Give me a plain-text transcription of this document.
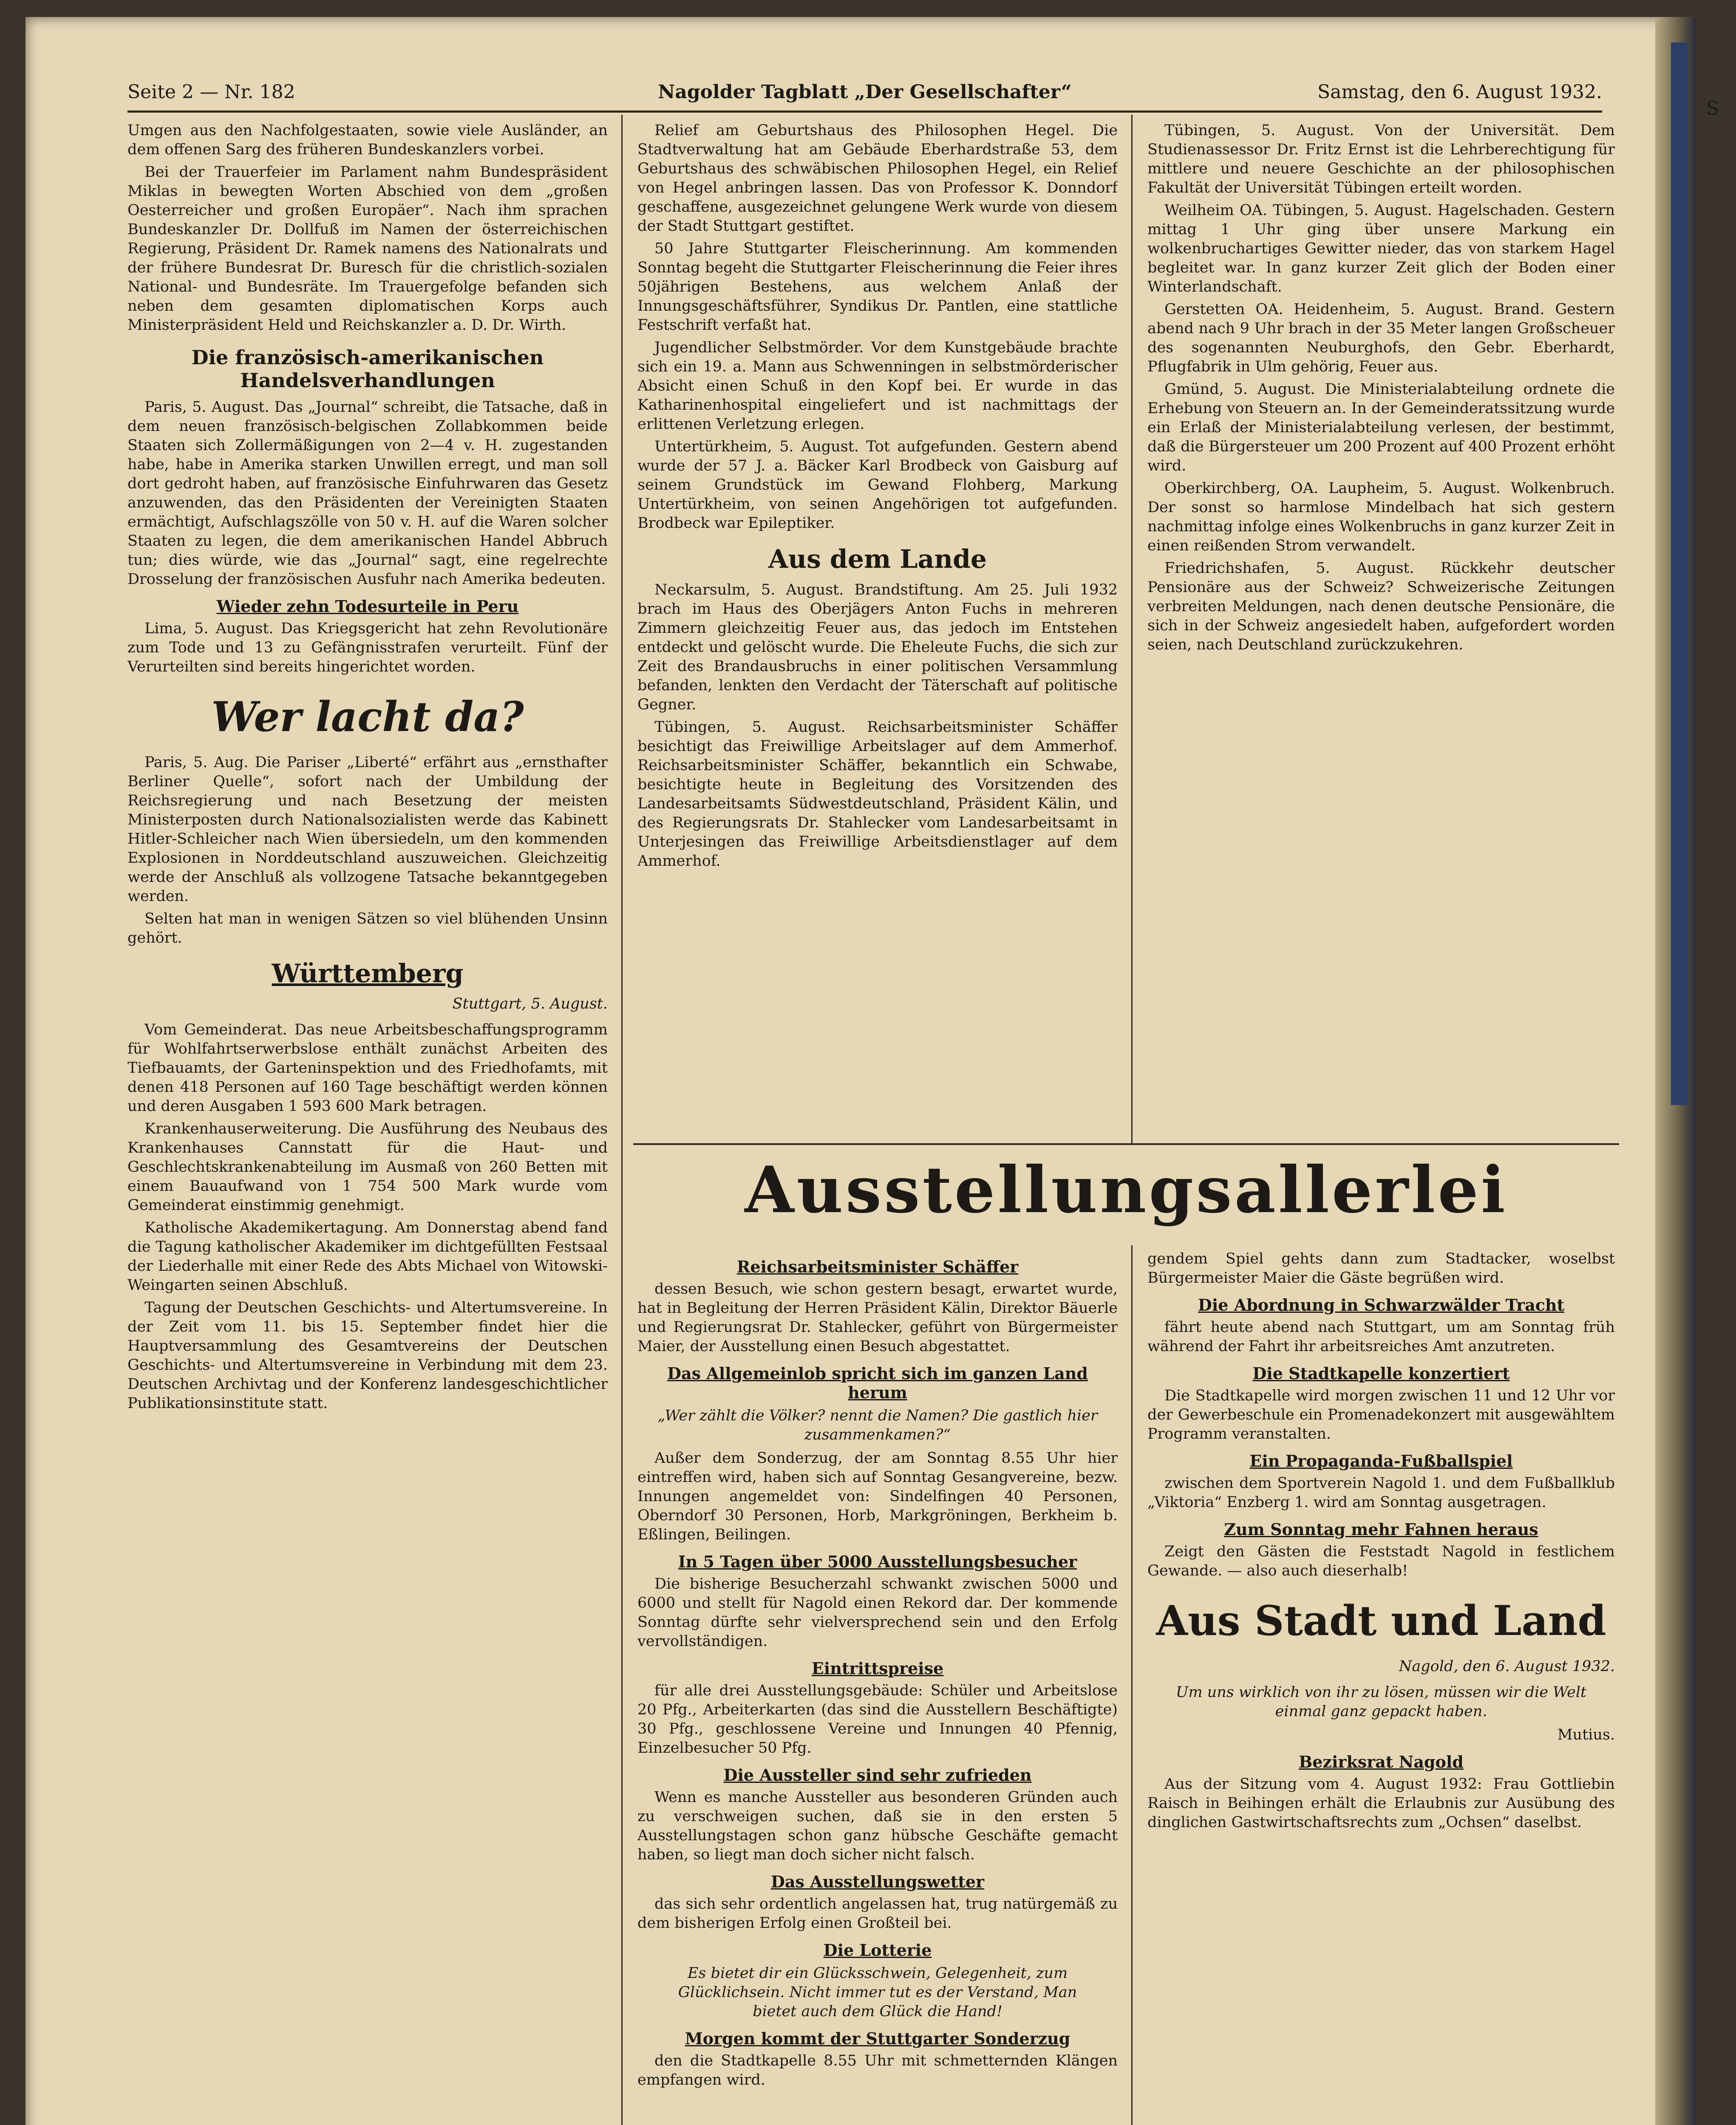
Seite 2 — Nr. 182	Nagolder Tagblatt „Der Gesellschafter“	Samstag, den 6. August 1932.
S

Umgen aus den Nachfolgestaaten, sowie viele Ausländer, an dem offenen Sarg des früheren Bundeskanzlers vorbei.

Bei der Trauerfeier im Parlament nahm Bundespräsident Miklas in bewegten Worten Abschied von dem „großen Oesterreicher und großen Europäer“. Nach ihm sprachen Bundeskanzler Dr. Dollfuß im Namen der österreichischen Regierung, Präsident Dr. Ramek namens des Nationalrats und der frühere Bundesrat Dr. Buresch für die christlich-sozialen National- und Bundesräte. Im Trauergefolge befanden sich neben dem gesamten diplomatischen Korps auch Ministerpräsident Held und Reichskanzler a. D. Dr. Wirth.

Die französisch-amerikanischen Handelsverhandlungen

Paris, 5. August. Das „Journal“ schreibt, die Tatsache, daß in dem neuen französisch-belgischen Zollabkommen beide Staaten sich Zollermäßigungen von 2—4 v. H. zugestanden habe, habe in Amerika starken Unwillen erregt, und man soll dort gedroht haben, auf französische Einfuhrwaren das Gesetz anzuwenden, das den Präsidenten der Vereinigten Staaten ermächtigt, Aufschlagszölle von 50 v. H. auf die Waren solcher Staaten zu legen, die dem amerikanischen Handel Abbruch tun; dies würde, wie das „Journal“ sagt, eine regelrechte Drosselung der französischen Ausfuhr nach Amerika bedeuten.

Wieder zehn Todesurteile in Peru

Lima, 5. August. Das Kriegsgericht hat zehn Revolutionäre zum Tode und 13 zu Gefängnisstrafen verurteilt. Fünf der Verurteilten sind bereits hingerichtet worden.

Wer lacht da?

Paris, 5. Aug. Die Pariser „Liberté“ erfährt aus „ernsthafter Berliner Quelle“, sofort nach der Umbildung der Reichsregierung und nach Besetzung der meisten Ministerposten durch Nationalsozialisten werde das Kabinett Hitler-Schleicher nach Wien übersiedeln, um den kommenden Explosionen in Norddeutschland auszuweichen. Gleichzeitig werde der Anschluß als vollzogene Tatsache bekanntgegeben werden.

Selten hat man in wenigen Sätzen so viel blühenden Unsinn gehört.

Württemberg
Stuttgart, 5. August.

Vom Gemeinderat. Das neue Arbeitsbeschaffungsprogramm für Wohlfahrtserwerbslose enthält zunächst Arbeiten des Tiefbauamts, der Garteninspektion und des Friedhofamts, mit denen 418 Personen auf 160 Tage beschäftigt werden können und deren Ausgaben 1 593 600 Mark betragen.

Krankenhauserweiterung. Die Ausführung des Neubaus des Krankenhauses Cannstatt für die Haut- und Geschlechtskrankenabteilung im Ausmaß von 260 Betten mit einem Bauaufwand von 1 754 500 Mark wurde vom Gemeinderat einstimmig genehmigt.

Katholische Akademikertagung. Am Donnerstag abend fand die Tagung katholischer Akademiker im dichtgefüllten Festsaal der Liederhalle mit einer Rede des Abts Michael von Witowski-Weingarten seinen Abschluß.

Tagung der Deutschen Geschichts- und Altertumsvereine. In der Zeit vom 11. bis 15. September findet hier die Hauptversammlung des Gesamtvereins der Deutschen Geschichts- und Altertumsvereine in Verbindung mit dem 23. Deutschen Archivtag und der Konferenz landesgeschichtlicher Publikationsinstitute statt.

Relief am Geburtshaus des Philosophen Hegel. Die Stadtverwaltung hat am Gebäude Eberhardstraße 53, dem Geburtshaus des schwäbischen Philosophen Hegel, ein Relief von Hegel anbringen lassen. Das von Professor K. Donndorf geschaffene, ausgezeichnet gelungene Werk wurde von diesem der Stadt Stuttgart gestiftet.

50 Jahre Stuttgarter Fleischerinnung. Am kommenden Sonntag begeht die Stuttgarter Fleischerinnung die Feier ihres 50jährigen Bestehens, aus welchem Anlaß der Innungsgeschäftsführer, Syndikus Dr. Pantlen, eine stattliche Festschrift verfaßt hat.

Jugendlicher Selbstmörder. Vor dem Kunstgebäude brachte sich ein 19. a. Mann aus Schwenningen in selbstmörderischer Absicht einen Schuß in den Kopf bei. Er wurde in das Katharinenhospital eingeliefert und ist nachmittags der erlittenen Verletzung erlegen.

Untertürkheim, 5. August. Tot aufgefunden. Gestern abend wurde der 57 J. a. Bäcker Karl Brodbeck von Gaisburg auf seinem Grundstück im Gewand Flohberg, Markung Untertürkheim, von seinen Angehörigen tot aufgefunden. Brodbeck war Epileptiker.

Aus dem Lande

Neckarsulm, 5. August. Brandstiftung. Am 25. Juli 1932 brach im Haus des Oberjägers Anton Fuchs in mehreren Zimmern gleichzeitig Feuer aus, das jedoch im Entstehen entdeckt und gelöscht wurde. Die Eheleute Fuchs, die sich zur Zeit des Brandausbruchs in einer politischen Versammlung befanden, lenkten den Verdacht der Täterschaft auf politische Gegner.

Tübingen, 5. August. Reichsarbeitsminister Schäffer besichtigt das Freiwillige Arbeitslager auf dem Ammerhof. Reichsarbeitsminister Schäffer, bekanntlich ein Schwabe, besichtigte heute in Begleitung des Vorsitzenden des Landesarbeitsamts Südwestdeutschland, Präsident Kälin, und des Regierungsrats Dr. Stahlecker vom Landesarbeitsamt in Unterjesingen das Freiwillige Arbeitsdienstlager auf dem Ammerhof.

Tübingen, 5. August. Von der Universität. Dem Studienassessor Dr. Fritz Ernst ist die Lehrberechtigung für mittlere und neuere Geschichte an der philosophischen Fakultät der Universität Tübingen erteilt worden.

Weilheim OA. Tübingen, 5. August. Hagelschaden. Gestern mittag 1 Uhr ging über unsere Markung ein wolkenbruchartiges Gewitter nieder, das von starkem Hagel begleitet war. In ganz kurzer Zeit glich der Boden einer Winterlandschaft.

Gerstetten OA. Heidenheim, 5. August. Brand. Gestern abend nach 9 Uhr brach in der 35 Meter langen Großscheuer des sogenannten Neuburghofs, den Gebr. Eberhardt, Pflugfabrik in Ulm gehörig, Feuer aus.

Gmünd, 5. August. Die Ministerialabteilung ordnete die Erhebung von Steuern an. In der Gemeinderatssitzung wurde ein Erlaß der Ministerialabteilung verlesen, der bestimmt, daß die Bürgersteuer um 200 Prozent auf 400 Prozent erhöht wird.

Oberkirchberg, OA. Laupheim, 5. August. Wolkenbruch. Der sonst so harmlose Mindelbach hat sich gestern nachmittag infolge eines Wolkenbruchs in ganz kurzer Zeit in einen reißenden Strom verwandelt.

Friedrichshafen, 5. August. Rückkehr deutscher Pensionäre aus der Schweiz? Schweizerische Zeitungen verbreiten Meldungen, nach denen deutsche Pensionäre, die sich in der Schweiz angesiedelt haben, aufgefordert worden seien, nach Deutschland zurückzukehren.

Ausstellungsallerlei
Reichsarbeitsminister Schäffer

dessen Besuch, wie schon gestern besagt, erwartet wurde, hat in Begleitung der Herren Präsident Kälin, Direktor Bäuerle und Regierungsrat Dr. Stahlecker, geführt von Bürgermeister Maier, der Ausstellung einen Besuch abgestattet.

Das Allgemeinlob spricht sich im ganzen Land herum
„Wer zählt die Völker? nennt die Namen? Die gastlich hier zusammenkamen?“

Außer dem Sonderzug, der am Sonntag 8.55 Uhr hier eintreffen wird, haben sich auf Sonntag Gesangvereine, bezw. Innungen angemeldet von: Sindelfingen 40 Personen, Oberndorf 30 Personen, Horb, Markgröningen, Berkheim b. Eßlingen, Beilingen.

In 5 Tagen über 5000 Ausstellungsbesucher

Die bisherige Besucherzahl schwankt zwischen 5000 und 6000 und stellt für Nagold einen Rekord dar. Der kommende Sonntag dürfte sehr vielversprechend sein und den Erfolg vervollständigen.

Eintrittspreise

für alle drei Ausstellungsgebäude: Schüler und Arbeitslose 20 Pfg., Arbeiterkarten (das sind die Ausstellern Beschäftigte) 30 Pfg., geschlossene Vereine und Innungen 40 Pfennig, Einzelbesucher 50 Pfg.

Die Aussteller sind sehr zufrieden

Wenn es manche Aussteller aus besonderen Gründen auch zu verschweigen suchen, daß sie in den ersten 5 Ausstellungstagen schon ganz hübsche Geschäfte gemacht haben, so liegt man doch sicher nicht falsch.

Das Ausstellungswetter

das sich sehr ordentlich angelassen hat, trug natürgemäß zu dem bisherigen Erfolg einen Großteil bei.

Die Lotterie
Es bietet dir ein Glücksschwein, Gelegenheit, zum Glücklichsein. Nicht immer tut es der Verstand, Man bietet auch dem Glück die Hand!
Morgen kommt der Stuttgarter Sonderzug

den die Stadtkapelle 8.55 Uhr mit schmetternden Klängen empfangen wird.

gendem Spiel gehts dann zum Stadtacker, woselbst Bürgermeister Maier die Gäste begrüßen wird.

Die Abordnung in Schwarzwälder Tracht

fährt heute abend nach Stuttgart, um am Sonntag früh während der Fahrt ihr arbeitsreiches Amt anzutreten.

Die Stadtkapelle konzertiert

Die Stadtkapelle wird morgen zwischen 11 und 12 Uhr vor der Gewerbeschule ein Promenadekonzert mit ausgewähltem Programm veranstalten.

Ein Propaganda-Fußballspiel

zwischen dem Sportverein Nagold 1. und dem Fußballklub „Viktoria“ Enzberg 1. wird am Sonntag ausgetragen.

Zum Sonntag mehr Fahnen heraus

Zeigt den Gästen die Feststadt Nagold in festlichem Gewande. — also auch dieserhalb!

Aus Stadt und Land
Nagold, den 6. August 1932.
Um uns wirklich von ihr zu lösen, müssen wir die Welt einmal ganz gepackt haben.
Mutius.
Bezirksrat Nagold

Aus der Sitzung vom 4. August 1932: Frau Gottliebin Raisch in Beihingen erhält die Erlaubnis zur Ausübung des dinglichen Gastwirtschaftsrechts zum „Ochsen“ daselbst.
